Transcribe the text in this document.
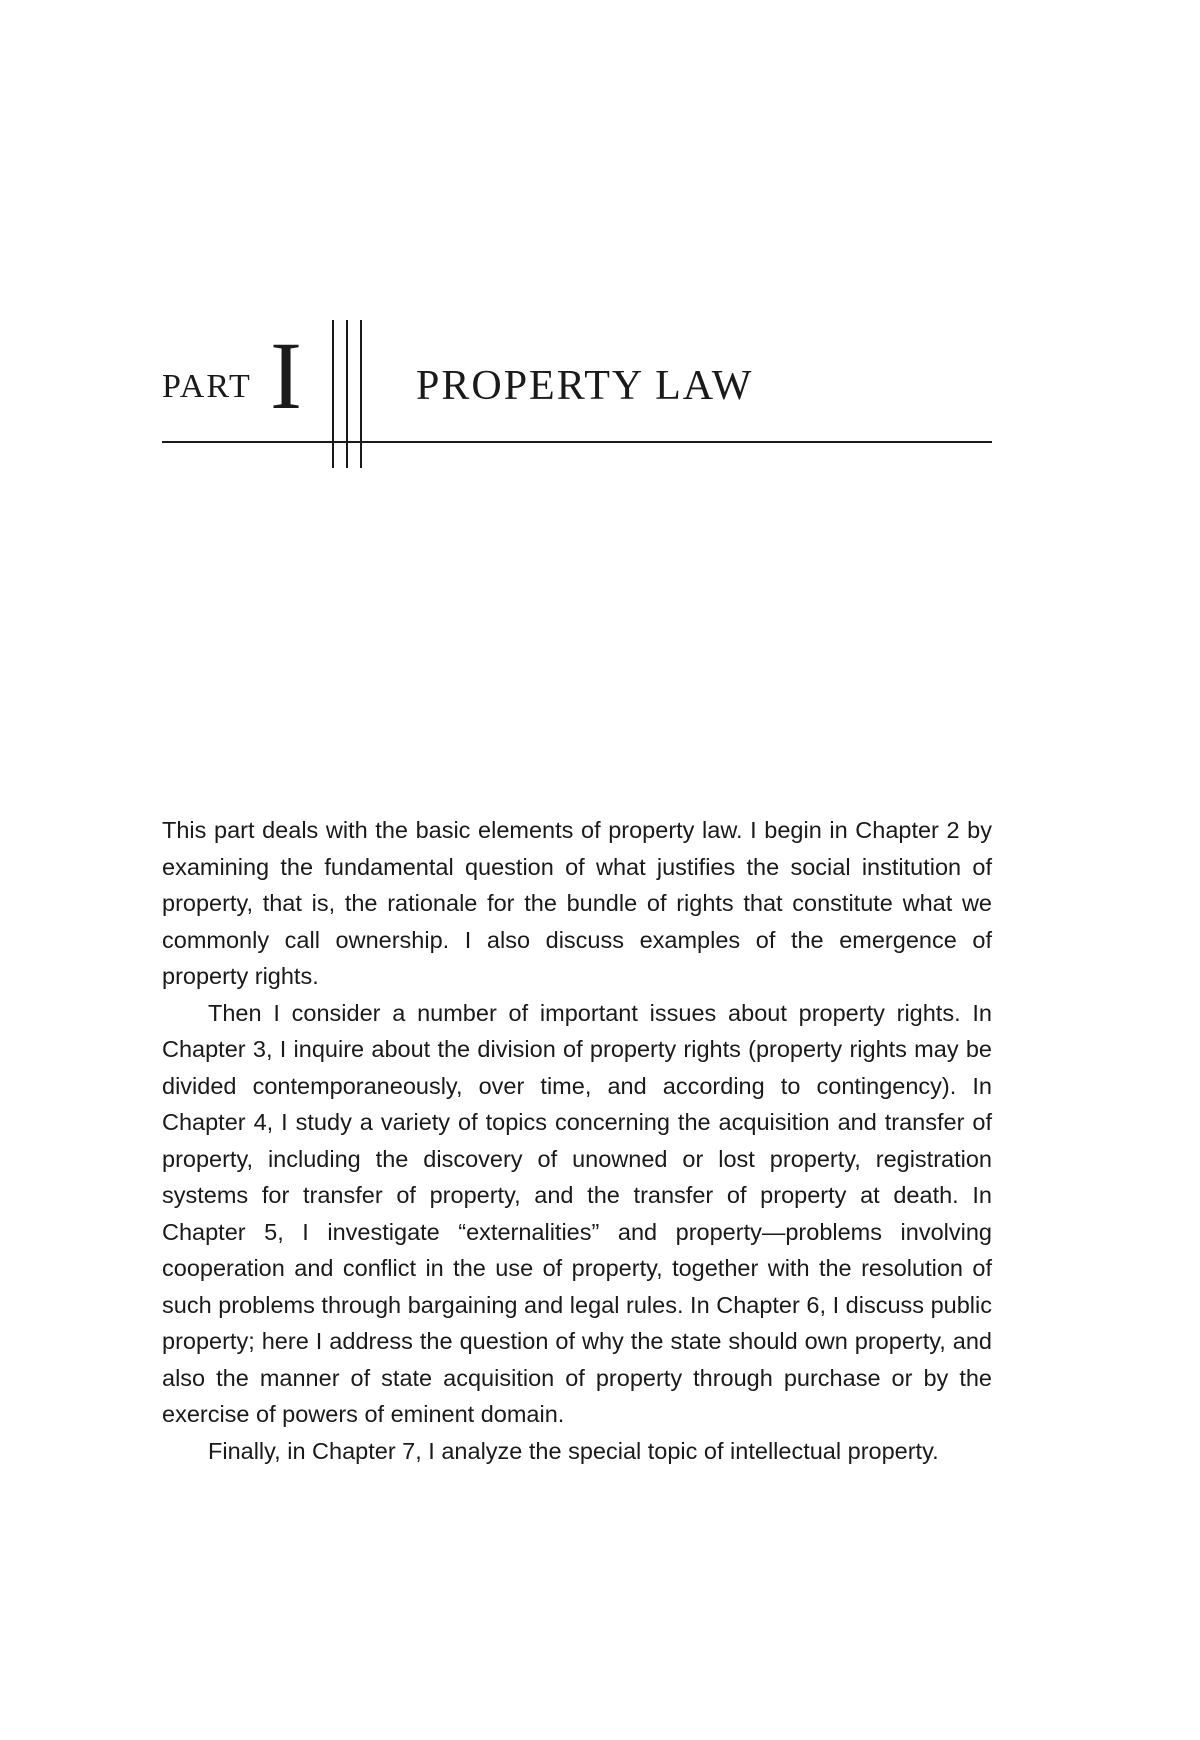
PART I	PROPERTY LAW

This part deals with the basic elements of property law. I begin in Chapter 2 by examining the fundamental question of what justifies the social institution of property, that is, the rationale for the bundle of rights that constitute what we commonly call ownership. I also discuss examples of the emergence of property rights.

Then I consider a number of important issues about property rights. In Chapter 3, I inquire about the division of property rights (property rights may be divided contemporaneously, over time, and according to contingency). In Chapter 4, I study a variety of topics concerning the acquisition and transfer of property, including the discovery of unowned or lost property, registration systems for transfer of property, and the transfer of property at death. In Chapter 5, I investigate “externalities” and property—problems involving cooperation and conflict in the use of property, together with the resolution of such problems through bargaining and legal rules. In Chapter 6, I discuss public property; here I address the question of why the state should own property, and also the manner of state acquisition of property through purchase or by the exercise of powers of eminent domain.

Finally, in Chapter 7, I analyze the special topic of intellectual property.
